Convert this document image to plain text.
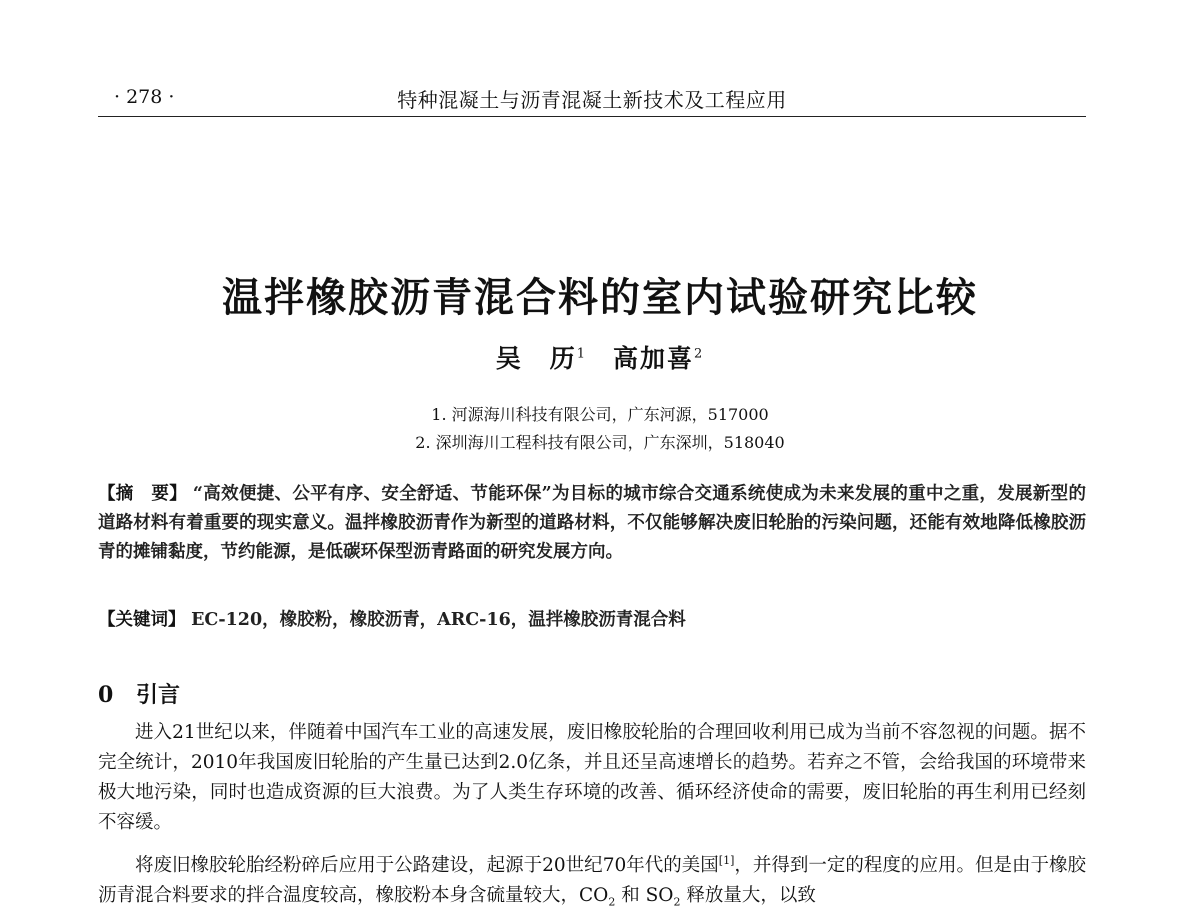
· 278 ·	特种混凝土与沥青混凝土新技术及工程应用
温拌橡胶沥青混合料的室内试验研究比较
吴　历$^1$ 高加喜$^2$
1. 河源海川科技有限公司，广东河源，517000
2. 深圳海川工程科技有限公司，广东深圳，518040
【摘　要】 “高效便捷、公平有序、安全舒适、节能环保”为目标的城市综合交通系统使成为未来发展的重中之重，发展新型的道路材料有着重要的现实意义。温拌橡胶沥青作为新型的道路材料，不仅能够解决废旧轮胎的污染问题，还能有效地降低橡胶沥青的摊铺黏度，节约能源，是低碳环保型沥青路面的研究发展方向。
【关键词】 EC-120，橡胶粉，橡胶沥青，ARC-16，温拌橡胶沥青混合料
0 引言
进入21世纪以来，伴随着中国汽车工业的高速发展，废旧橡胶轮胎的合理回收利用已成为当前不容忽视的问题。据不完全统计，2010年我国废旧轮胎的产生量已达到2.0亿条，并且还呈高速增长的趋势。若弃之不管，会给我国的环境带来极大地污染，同时也造成资源的巨大浪费。为了人类生存环境的改善、循环经济使命的需要，废旧轮胎的再生利用已经刻不容缓。
将废旧橡胶轮胎经粉碎后应用于公路建设，起源于20世纪70年代的美国[1]，并得到一定的程度的应用。但是由于橡胶沥青混合料要求的拌合温度较高，橡胶粉本身含硫量较大，$CO_2$ 和 $SO_2$ 释放量大，以致
